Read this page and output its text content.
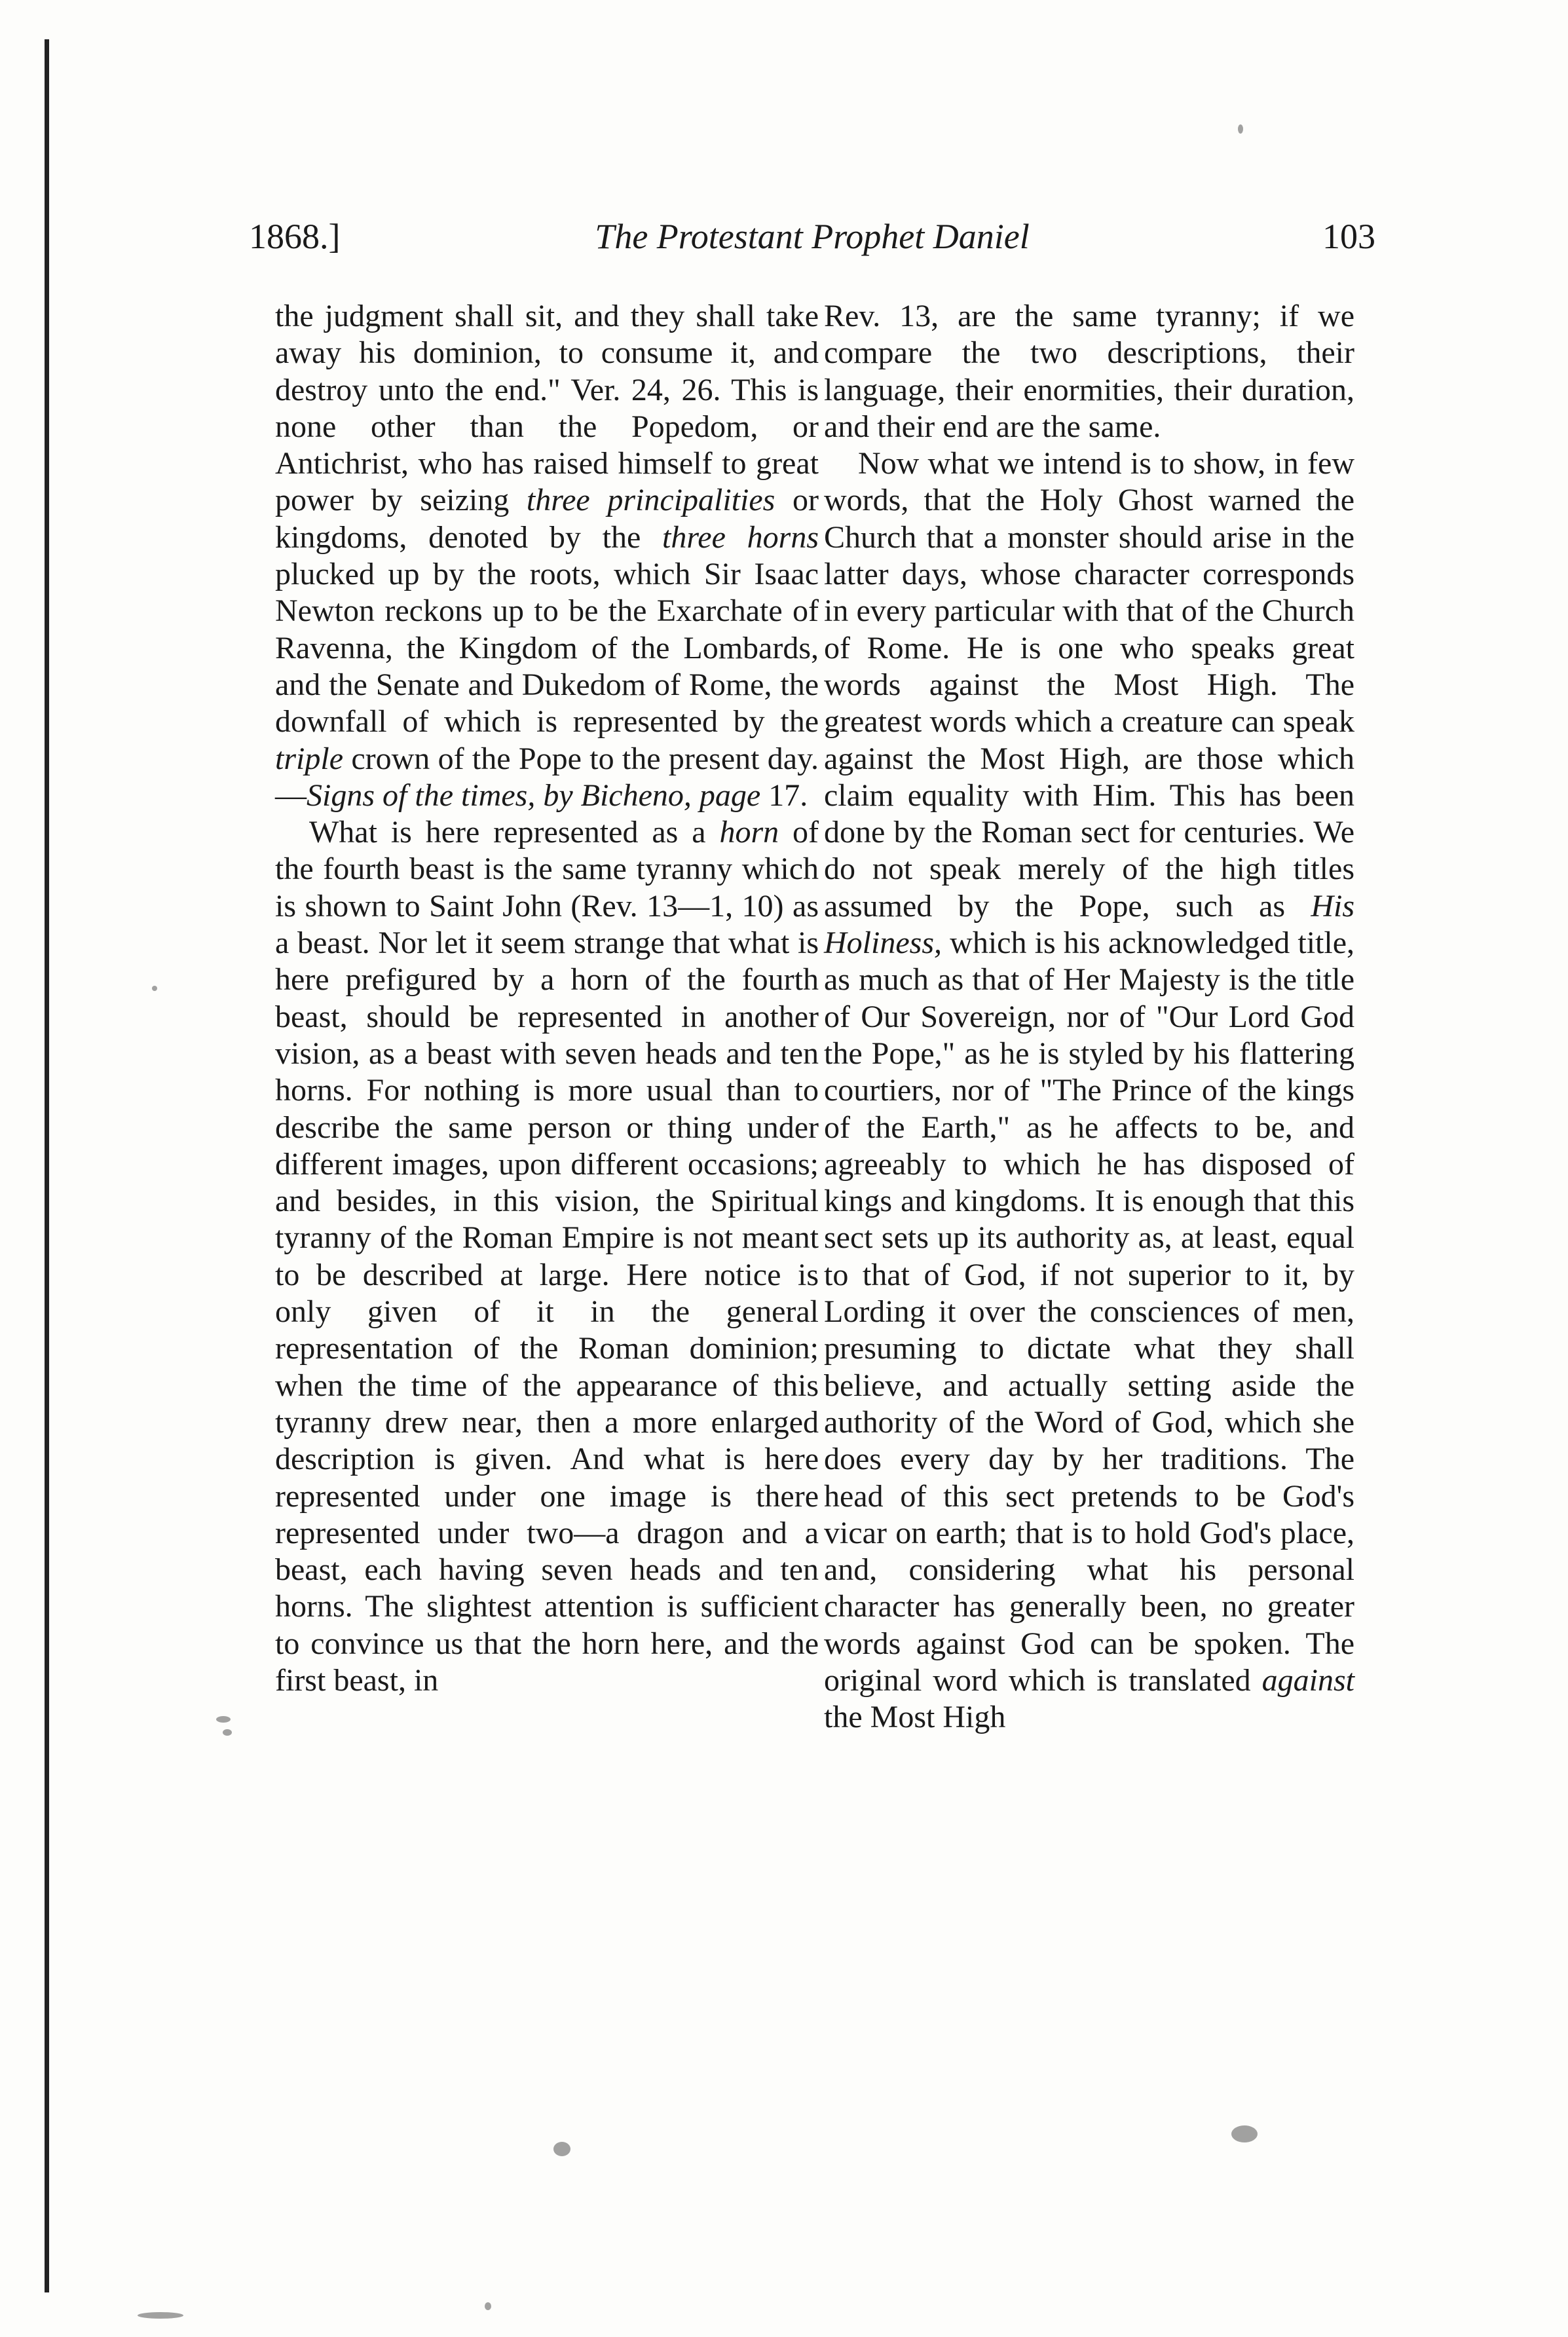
1868.]	The Protestant Prophet Daniel	103

the judgment shall sit, and they shall take away his dominion, to consume it, and destroy unto the end." Ver. 24, 26. This is none other than the Popedom, or Antichrist, who has raised himself to great power by seizing three principalities or kingdoms, denoted by the three horns plucked up by the roots, which Sir Isaac Newton reckons up to be the Exarchate of Ravenna, the Kingdom of the Lombards, and the Senate and Dukedom of Rome, the downfall of which is represented by the triple crown of the Pope to the present day.—Signs of the times, by Bicheno, page 17.

What is here represented as a horn of the fourth beast is the same tyranny which is shown to Saint John (Rev. 13—1, 10) as a beast. Nor let it seem strange that what is here prefigured by a horn of the fourth beast, should be represented in another vision, as a beast with seven heads and ten horns. For nothing is more usual than to describe the same person or thing under different images, upon different occasions; and besides, in this vision, the Spiritual tyranny of the Roman Empire is not meant to be described at large. Here notice is only given of it in the general representation of the Roman dominion; when the time of the appearance of this tyranny drew near, then a more enlarged description is given. And what is here represented under one image is there represented under two—a dragon and a beast, each having seven heads and ten horns. The slightest attention is sufficient to convince us that the horn here, and the first beast, in

Rev. 13, are the same tyranny; if we compare the two descriptions, their language, their enormities, their duration, and their end are the same.

Now what we intend is to show, in few words, that the Holy Ghost warned the Church that a monster should arise in the latter days, whose character corresponds in every particular with that of the Church of Rome. He is one who speaks great words against the Most High. The greatest words which a creature can speak against the Most High, are those which claim equality with Him. This has been done by the Roman sect for centuries. We do not speak merely of the high titles assumed by the Pope, such as His Holiness, which is his acknowledged title, as much as that of Her Majesty is the title of Our Sovereign, nor of "Our Lord God the Pope," as he is styled by his flattering courtiers, nor of "The Prince of the kings of the Earth," as he affects to be, and agreeably to which he has disposed of kings and kingdoms. It is enough that this sect sets up its authority as, at least, equal to that of God, if not superior to it, by Lording it over the consciences of men, presuming to dictate what they shall believe, and actually setting aside the authority of the Word of God, which she does every day by her traditions. The head of this sect pretends to be God's vicar on earth; that is to hold God's place, and, considering what his personal character has generally been, no greater words against God can be spoken. The original word which is translated against the Most High
